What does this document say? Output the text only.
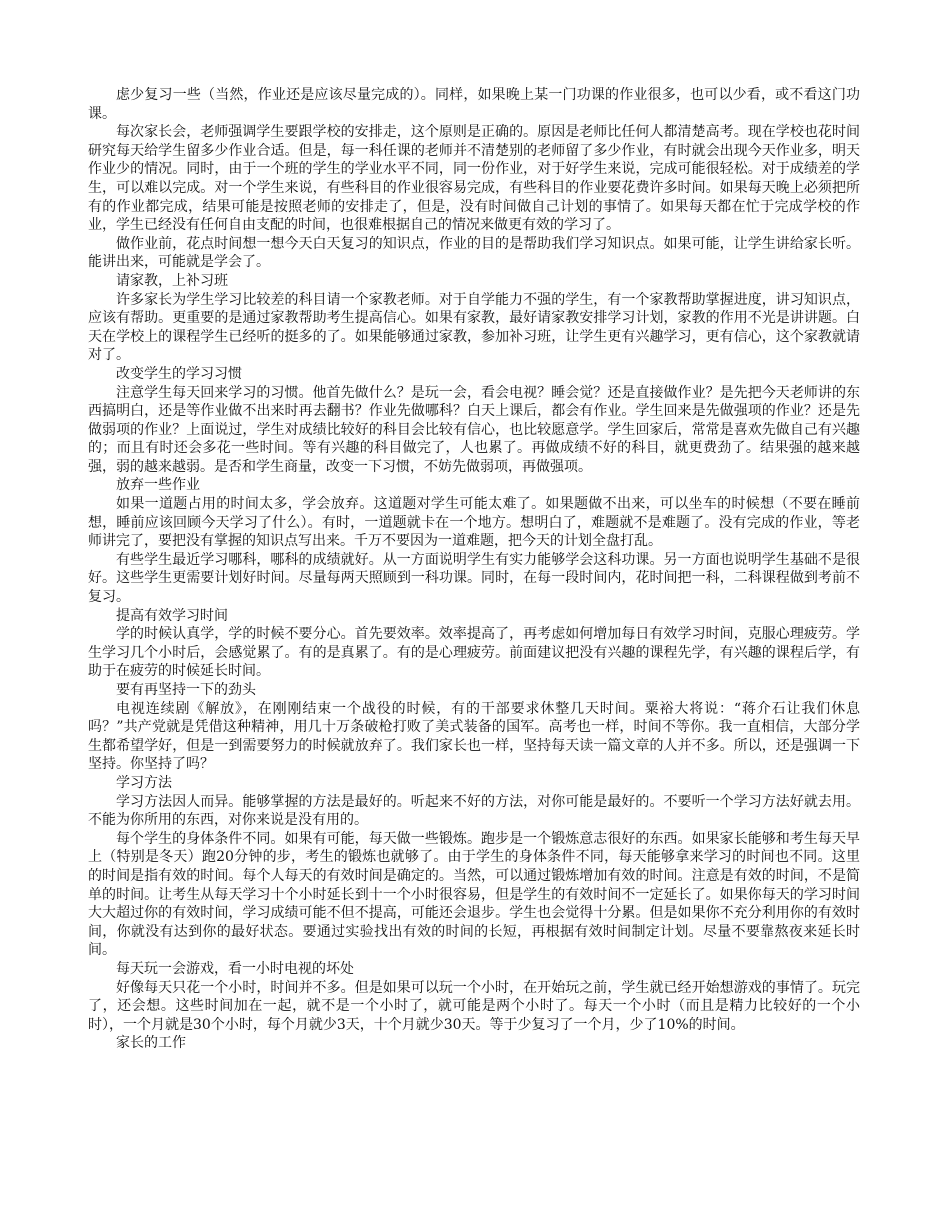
虑少复习一些（当然，作业还是应该尽量完成的）。同样，如果晚上某一门功课的作业很多，也可以少看，或不看这门功课。

每次家长会，老师强调学生要跟学校的安排走，这个原则是正确的。原因是老师比任何人都清楚高考。现在学校也花时间研究每天给学生留多少作业合适。但是，每一科任课的老师并不清楚别的老师留了多少作业，有时就会出现今天作业多，明天作业少的情况。同时，由于一个班的学生的学业水平不同，同一份作业，对于好学生来说，完成可能很轻松。对于成绩差的学生，可以难以完成。对一个学生来说，有些科目的作业很容易完成，有些科目的作业要花费许多时间。如果每天晚上必须把所有的作业都完成，结果可能是按照老师的安排走了，但是，没有时间做自己计划的事情了。如果每天都在忙于完成学校的作业，学生已经没有任何自由支配的时间，也很难根据自己的情况来做更有效的学习了。

做作业前，花点时间想一想今天白天复习的知识点，作业的目的是帮助我们学习知识点。如果可能，让学生讲给家长听。能讲出来，可能就是学会了。

请家教，上补习班

许多家长为学生学习比较差的科目请一个家教老师。对于自学能力不强的学生，有一个家教帮助掌握进度，讲习知识点，应该有帮助。更重要的是通过家教帮助考生提高信心。如果有家教，最好请家教安排学习计划，家教的作用不光是讲讲题。白天在学校上的课程学生已经听的挺多的了。如果能够通过家教，参加补习班，让学生更有兴趣学习，更有信心，这个家教就请对了。

改变学生的学习习惯

注意学生每天回来学习的习惯。他首先做什么？是玩一会，看会电视？睡会觉？还是直接做作业？是先把今天老师讲的东西搞明白，还是等作业做不出来时再去翻书？作业先做哪科？白天上课后，都会有作业。学生回来是先做强项的作业？还是先做弱项的作业？上面说过，学生对成绩比较好的科目会比较有信心，也比较愿意学。学生回家后，常常是喜欢先做自己有兴趣的；而且有时还会多花一些时间。等有兴趣的科目做完了，人也累了。再做成绩不好的科目，就更费劲了。结果强的越来越强，弱的越来越弱。是否和学生商量，改变一下习惯，不妨先做弱项，再做强项。

放弃一些作业

如果一道题占用的时间太多，学会放弃。这道题对学生可能太难了。如果题做不出来，可以坐车的时候想（不要在睡前想，睡前应该回顾今天学习了什么）。有时，一道题就卡在一个地方。想明白了，难题就不是难题了。没有完成的作业，等老师讲完了，要把没有掌握的知识点写出来。千万不要因为一道难题，把今天的计划全盘打乱。

有些学生最近学习哪科，哪科的成绩就好。从一方面说明学生有实力能够学会这科功课。另一方面也说明学生基础不是很好。这些学生更需要计划好时间。尽量每两天照顾到一科功课。同时，在每一段时间内，花时间把一科，二科课程做到考前不复习。

提高有效学习时间

学的时候认真学，学的时候不要分心。首先要效率。效率提高了，再考虑如何增加每日有效学习时间，克服心理疲劳。学生学习几个小时后，会感觉累了。有的是真累了。有的是心理疲劳。前面建议把没有兴趣的课程先学，有兴趣的课程后学，有助于在疲劳的时候延长时间。

要有再坚持一下的劲头

电视连续剧《解放》，在刚刚结束一个战役的时候，有的干部要求休整几天时间。粟裕大将说：“蒋介石让我们休息吗？”共产党就是凭借这种精神，用几十万条破枪打败了美式装备的国军。高考也一样，时间不等你。我一直相信，大部分学生都希望学好，但是一到需要努力的时候就放弃了。我们家长也一样，坚持每天读一篇文章的人并不多。所以，还是强调一下坚持。你坚持了吗？

学习方法

学习方法因人而异。能够掌握的方法是最好的。听起来不好的方法，对你可能是最好的。不要听一个学习方法好就去用。不能为你所用的东西，对你来说是没有用的。

每个学生的身体条件不同。如果有可能，每天做一些锻炼。跑步是一个锻炼意志很好的东西。如果家长能够和考生每天早上（特别是冬天）跑20分钟的步，考生的锻炼也就够了。由于学生的身体条件不同，每天能够拿来学习的时间也不同。这里的时间是指有效的时间。每个人每天的有效时间是确定的。当然，可以通过锻炼增加有效的时间。注意是有效的时间，不是简单的时间。让考生从每天学习十个小时延长到十一个小时很容易，但是学生的有效时间不一定延长了。如果你每天的学习时间大大超过你的有效时间，学习成绩可能不但不提高，可能还会退步。学生也会觉得十分累。但是如果你不充分利用你的有效时间，你就没有达到你的最好状态。要通过实验找出有效的时间的长短，再根据有效时间制定计划。尽量不要靠熬夜来延长时间。

每天玩一会游戏，看一小时电视的坏处

好像每天只花一个小时，时间并不多。但是如果可以玩一个小时，在开始玩之前，学生就已经开始想游戏的事情了。玩完了，还会想。这些时间加在一起，就不是一个小时了，就可能是两个小时了。每天一个小时（而且是精力比较好的一个小时），一个月就是30个小时，每个月就少3天，十个月就少30天。等于少复习了一个月，少了10%的时间。

家长的工作
